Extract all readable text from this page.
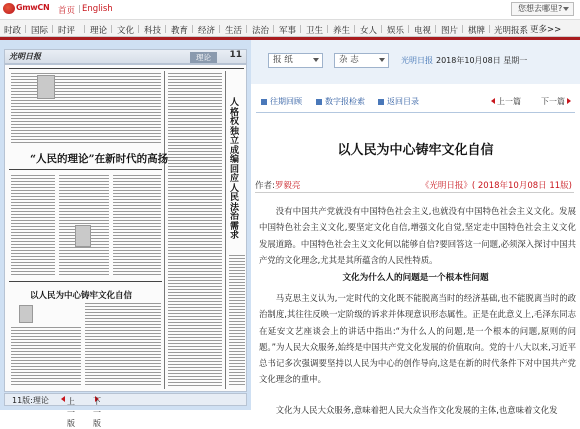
GmwCN 首页 | English	您想去哪里?
时政 国际 时评 理论 文化 科技 教育 经济 生活 法治 军事 卫生 养生 女人 娱乐 电视 图片 棋牌 光明报系 更多>>
光明日报	理论	11
“人民的理论”在新时代的高扬
人格权独立成编回应人民法治需求
以人民为中心铸牢文化自信
11版:理论 上一版
下一版
报 纸	杂 志	光明日报 2018年10月08日 星期一
往期回顾	数字报检索	返回目录	上一篇	下一篇
以人民为中心铸牢文化自信
作者:罗毅亮	《光明日报》( 2018年10月08日 11版)

没有中国共产党就没有中国特色社会主义,也就没有中国特色社会主义文化。发展中国特色社会主义文化,要坚定文化自信,增强文化自觉,坚定走中国特色社会主义文化发展道路。中国特色社会主义文化何以能够自信?要回答这一问题,必须深入探讨中国共产党的文化理念,尤其是其所蕴含的人民性特质。

文化为什么人的问题是一个根本性问题

马克思主义认为,一定时代的文化既不能脱离当时的经济基础,也不能脱离当时的政治制度,其往往反映一定阶级的诉求并体现意识形态属性。正是在此意义上,毛泽东同志在延安文艺座谈会上的讲话中指出:“为什么人的问题,是一个根本的问题,原则的问题。”为人民大众服务,始终是中国共产党文化发展的价值取向。党的十八大以来,习近平总书记多次强调要坚持以人民为中心的创作导向,这是在新的时代条件下对中国共产党文化理念的重申。

文化为人民大众服务,意味着把人民大众当作文化发展的主体,也意味着文化发
